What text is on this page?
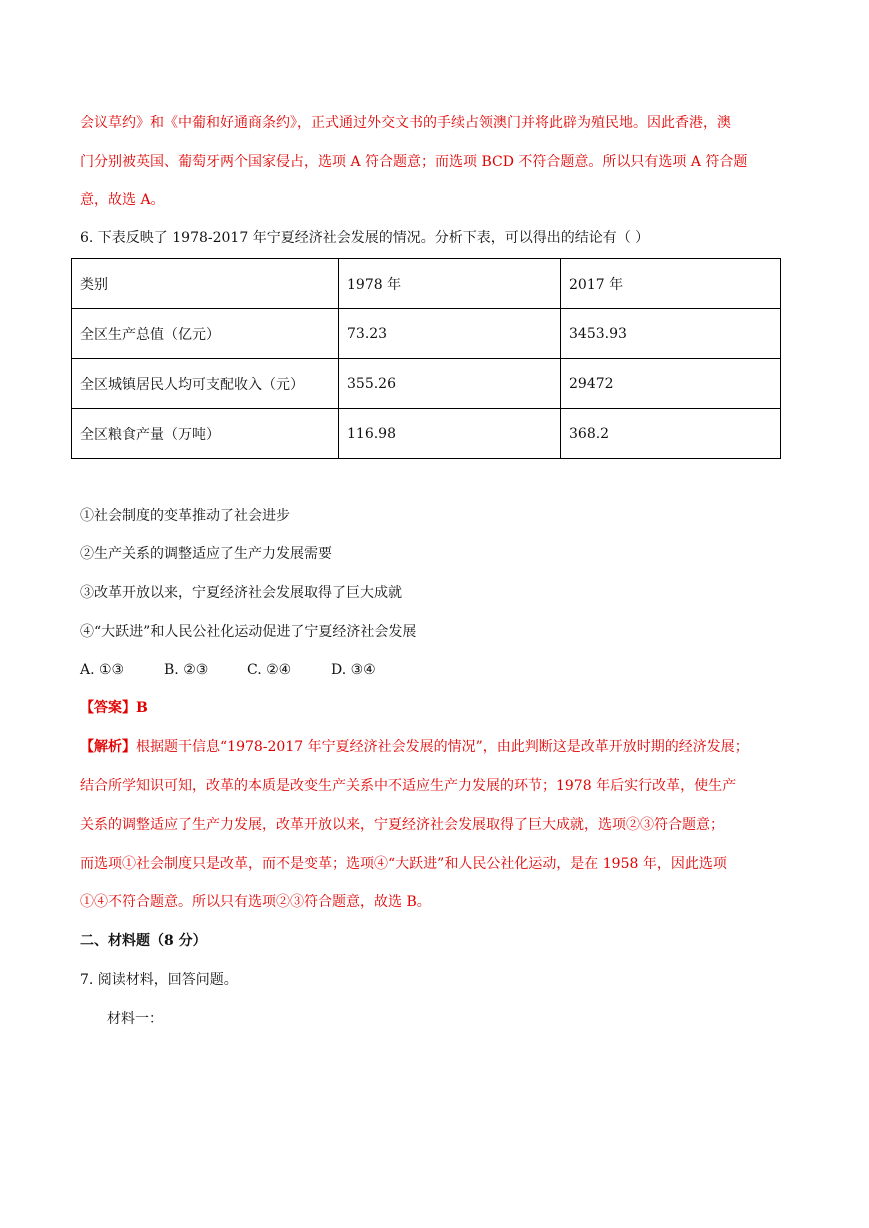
会议草约》和《中葡和好通商条约》，正式通过外交文书的手续占领澳门并将此辟为殖民地。因此香港，澳
门分别被英国、葡萄牙两个国家侵占，选项 A 符合题意；而选项 BCD 不符合题意。所以只有选项 A 符合题
意，故选 A。
6. 下表反映了 1978-2017 年宁夏经济社会发展的情况。分析下表，可以得出的结论有（ ）
类别	1978 年	2017 年
全区生产总值（亿元）	73.23	3453.93
全区城镇居民人均可支配收入（元）	355.26	29472
全区粮食产量（万吨）	116.98	368.2
①社会制度的变革推动了社会进步
②生产关系的调整适应了生产力发展需要
③改革开放以来，宁夏经济社会发展取得了巨大成就
④“大跃进”和人民公社化运动促进了宁夏经济社会发展
A. ①③	B. ②③	C. ②④	D. ③④
【答案】B
【解析】根据题干信息“1978-2017 年宁夏经济社会发展的情况”，由此判断这是改革开放时期的经济发展；
结合所学知识可知，改革的本质是改变生产关系中不适应生产力发展的环节；1978 年后实行改革，使生产
关系的调整适应了生产力发展，改革开放以来，宁夏经济社会发展取得了巨大成就，选项②③符合题意；
而选项①社会制度只是改革，而不是变革；选项④“大跃进”和人民公社化运动，是在 1958 年，因此选项
①④不符合题意。所以只有选项②③符合题意，故选 B。
二、材料题（8 分）
7. 阅读材料，回答问题。
材料一：
